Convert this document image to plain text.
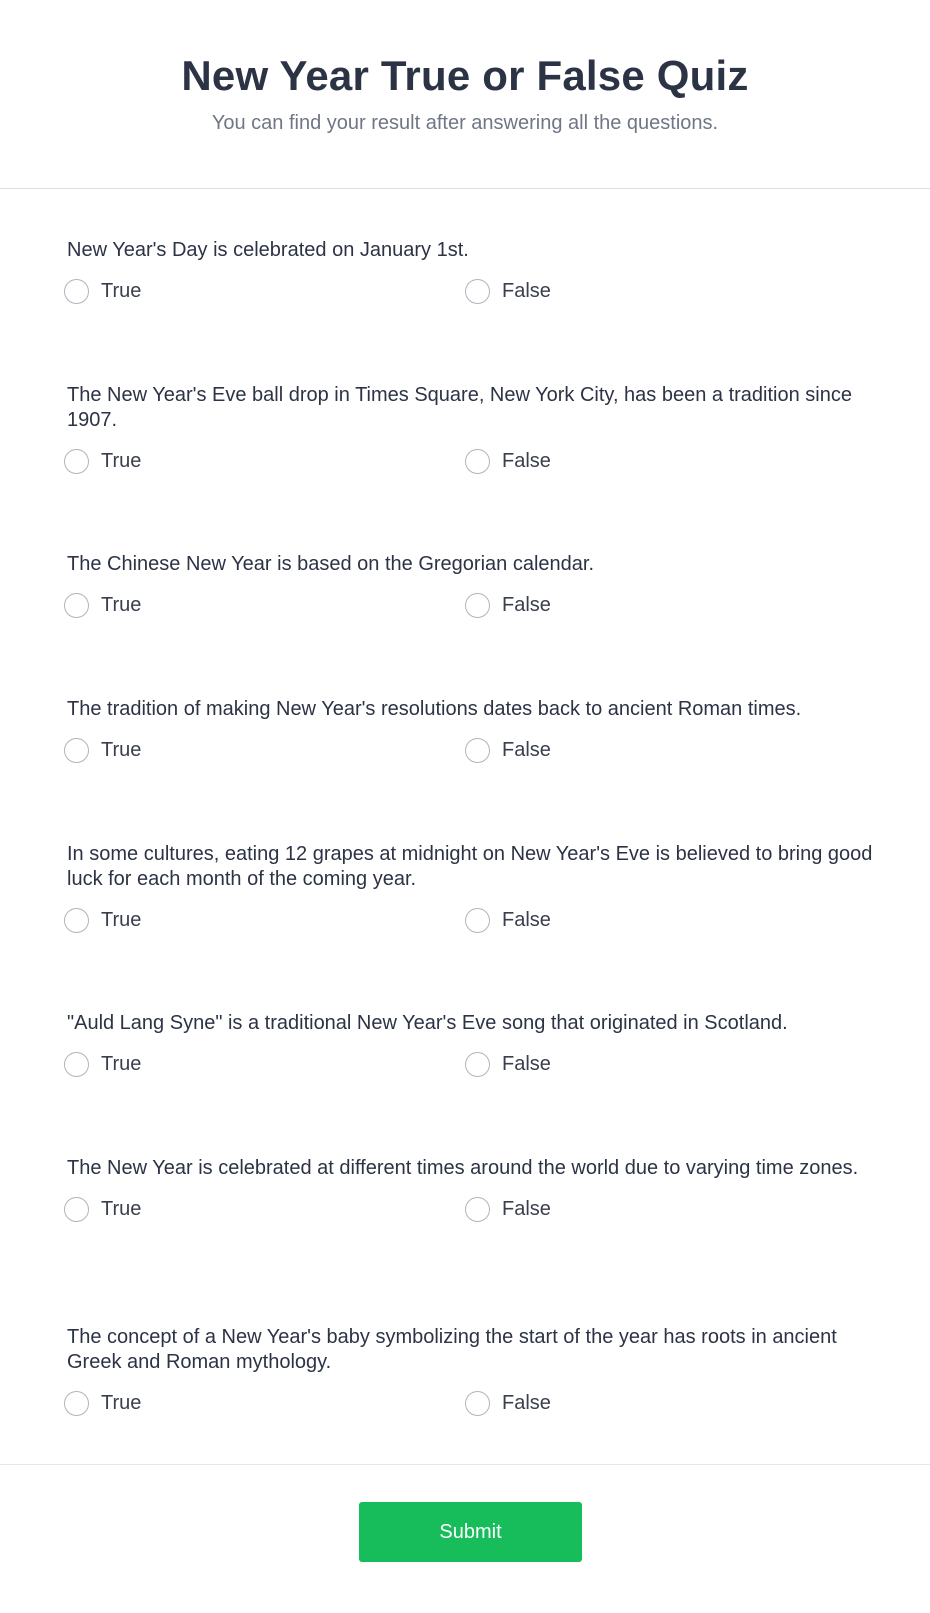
New Year True or False Quiz

You can find your result after answering all the questions.

New Year's Day is celebrated on January 1st.
True	False
The New Year's Eve ball drop in Times Square, New York City, has been a tradition since 1907.
True	False
The Chinese New Year is based on the Gregorian calendar.
True	False
The tradition of making New Year's resolutions dates back to ancient Roman times.
True	False
In some cultures, eating 12 grapes at midnight on New Year's Eve is believed to bring good luck for each month of the coming year.
True	False
"Auld Lang Syne" is a traditional New Year's Eve song that originated in Scotland.
True	False
The New Year is celebrated at different times around the world due to varying time zones.
True	False
The concept of a New Year's baby symbolizing the start of the year has roots in ancient Greek and Roman mythology.
True	False
Submit
